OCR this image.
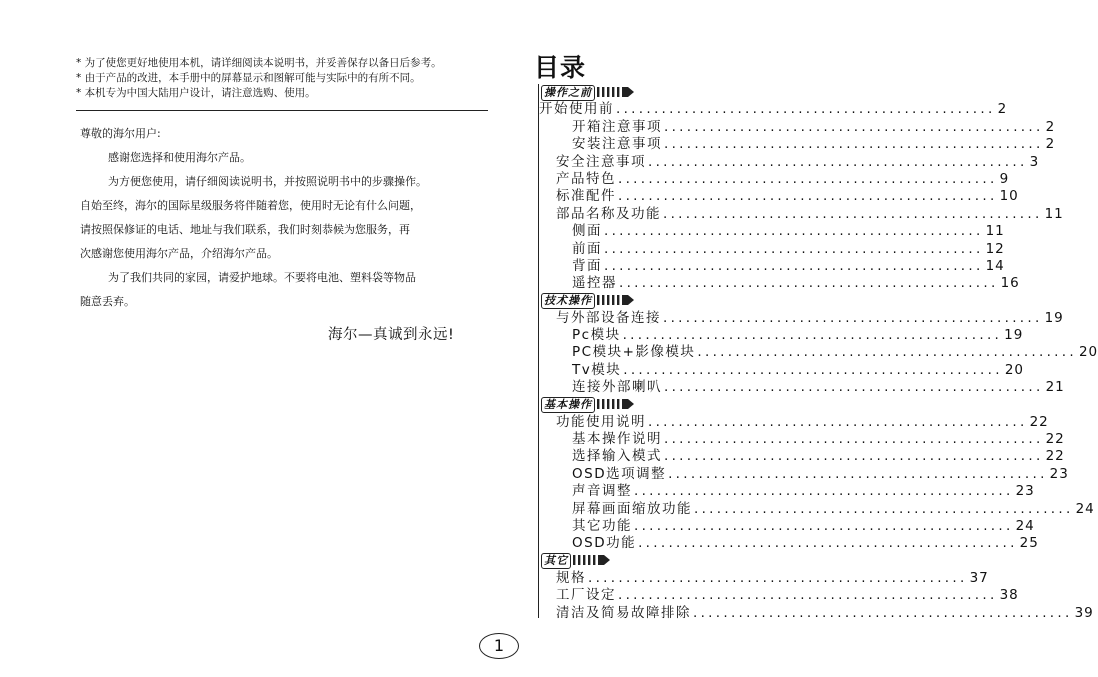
* 为了使您更好地使用本机，请详细阅读本说明书，并妥善保存以备日后参考。
* 由于产品的改进，本手册中的屏幕显示和图解可能与实际中的有所不同。
* 本机专为中国大陆用户设计，请注意选购、使用。

尊敬的海尔用户:

感谢您选择和使用海尔产品。

为方便您使用，请仔细阅读说明书，并按照说明书中的步骤操作。

自始至终，海尔的国际星级服务将伴随着您，使用时无论有什么问题，

请按照保修证的电话、地址与我们联系，我们时刻恭候为您服务，再

次感谢您使用海尔产品，介绍海尔产品。

为了我们共同的家园，请爱护地球。不要将电池、塑料袋等物品

随意丢弃。

海尔—真诚到永远!
目录
操作之前
开始使用前 .................................................. 2
开箱注意事项 .................................................. 2
安装注意事项 .................................................. 2
安全注意事项 .................................................. 3
产品特色 .................................................. 9
标准配件 .................................................. 10
部品名称及功能 .................................................. 11
侧面 .................................................. 11
前面 .................................................. 12
背面 .................................................. 14
遥控器 .................................................. 16
技术操作
与外部设备连接 .................................................. 19
Pc模块 .................................................. 19
PC模块+影像模块 .................................................. 20
Tv模块 .................................................. 20
连接外部喇叭 .................................................. 21
基本操作
功能使用说明 .................................................. 22
基本操作说明 .................................................. 22
选择输入模式 .................................................. 22
OSD选项调整 .................................................. 23
声音调整 .................................................. 23
屏幕画面缩放功能 .................................................. 24
其它功能 .................................................. 24
OSD功能 .................................................. 25
其它
规格 .................................................. 37
工厂设定 .................................................. 38
清洁及简易故障排除 .................................................. 39
1
